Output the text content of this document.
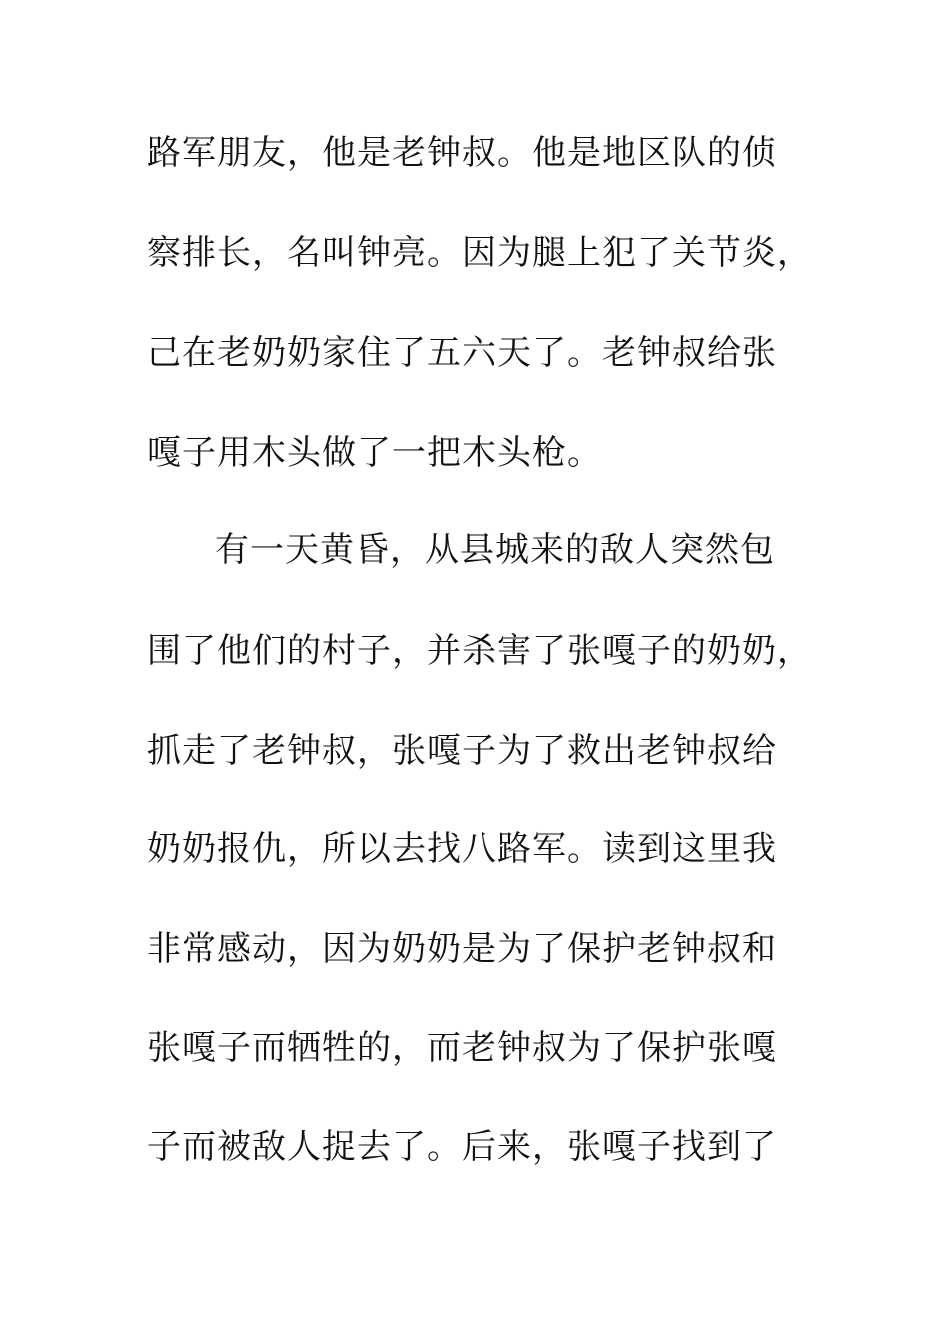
路军朋友，他是老钟叔。他是地区队的侦

察排长，名叫钟亮。因为腿上犯了关节炎，

己在老奶奶家住了五六天了。老钟叔给张

嘎子用木头做了一把木头枪。

有一天黄昏，从县城来的敌人突然包

围了他们的村子，并杀害了张嘎子的奶奶，

抓走了老钟叔，张嘎子为了救出老钟叔给

奶奶报仇，所以去找八路军。读到这里我

非常感动，因为奶奶是为了保护老钟叔和

张嘎子而牺牲的，而老钟叔为了保护张嘎

子而被敌人捉去了。后来，张嘎子找到了
